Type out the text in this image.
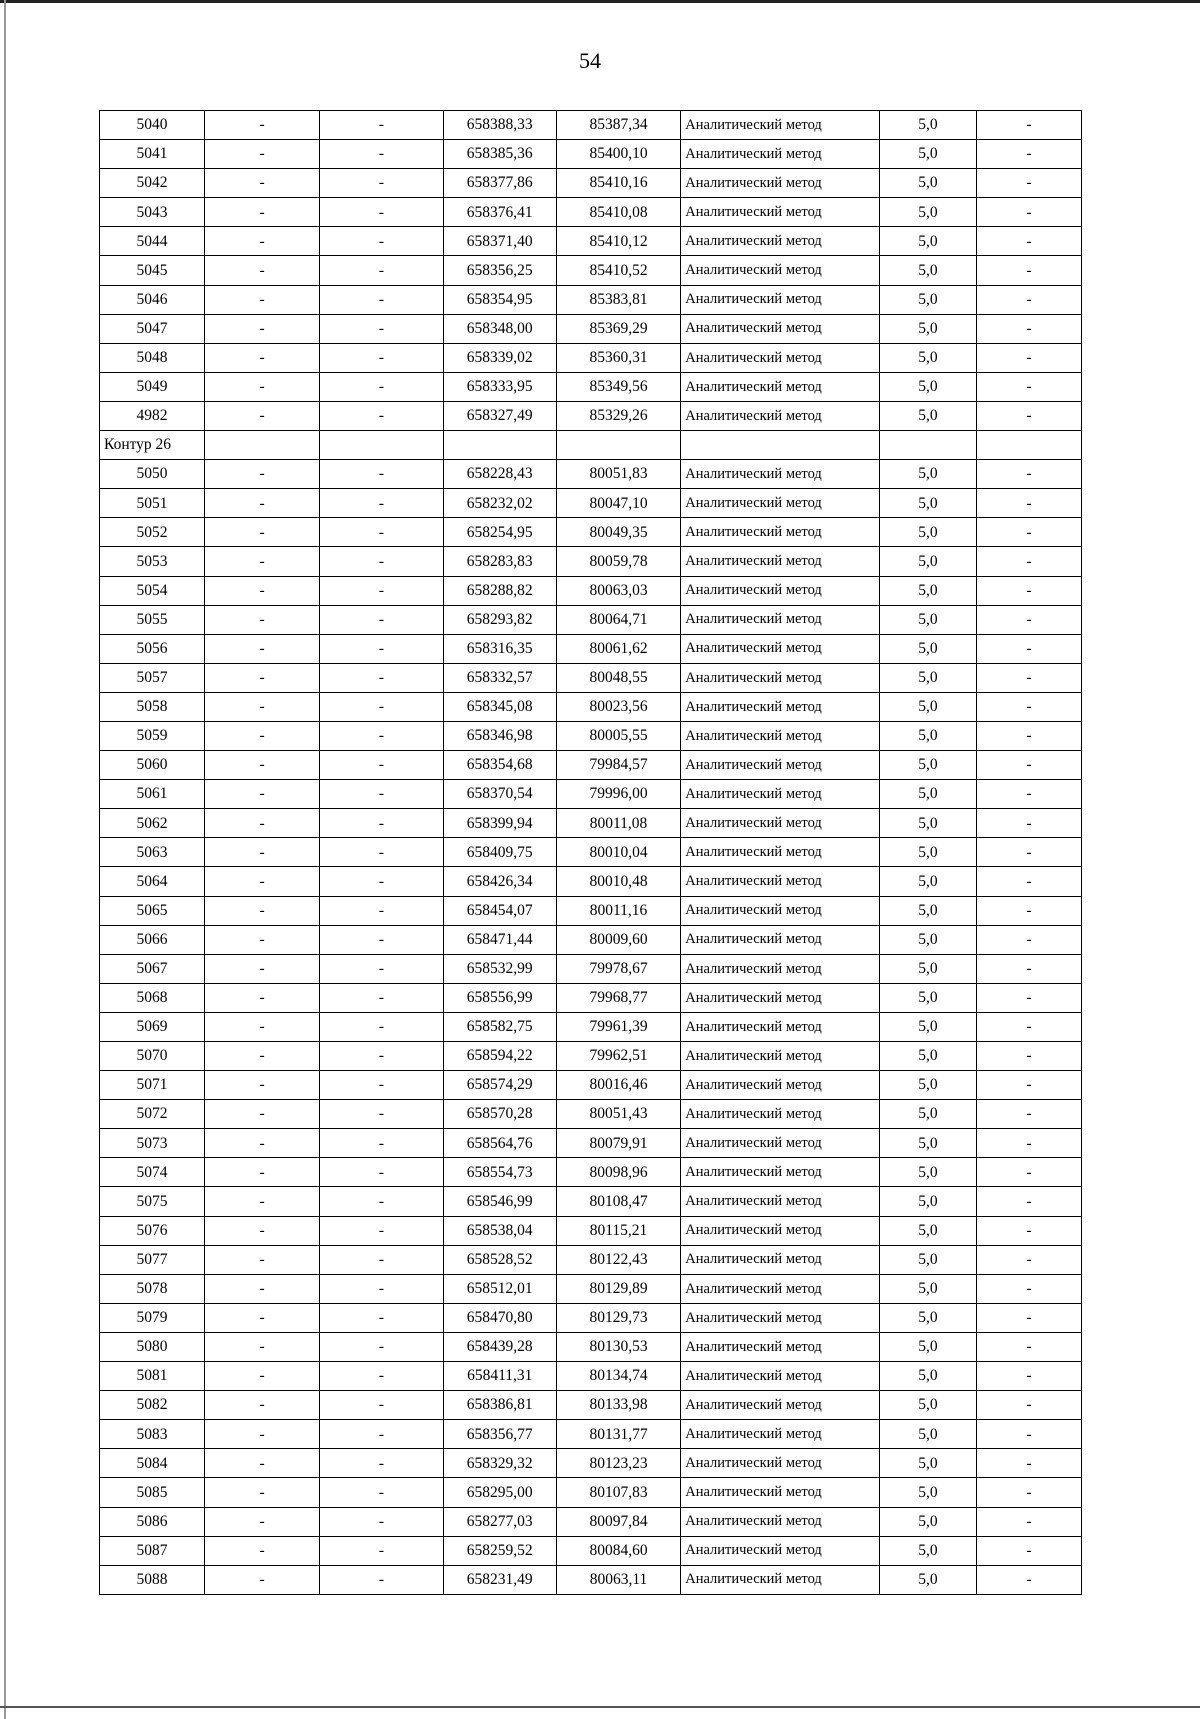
54
5040	-	-	658388,33	85387,34	Аналитический метод	5,0	-
5041	-	-	658385,36	85400,10	Аналитический метод	5,0	-
5042	-	-	658377,86	85410,16	Аналитический метод	5,0	-
5043	-	-	658376,41	85410,08	Аналитический метод	5,0	-
5044	-	-	658371,40	85410,12	Аналитический метод	5,0	-
5045	-	-	658356,25	85410,52	Аналитический метод	5,0	-
5046	-	-	658354,95	85383,81	Аналитический метод	5,0	-
5047	-	-	658348,00	85369,29	Аналитический метод	5,0	-
5048	-	-	658339,02	85360,31	Аналитический метод	5,0	-
5049	-	-	658333,95	85349,56	Аналитический метод	5,0	-
4982	-	-	658327,49	85329,26	Аналитический метод	5,0	-
Контур 26							
5050	-	-	658228,43	80051,83	Аналитический метод	5,0	-
5051	-	-	658232,02	80047,10	Аналитический метод	5,0	-
5052	-	-	658254,95	80049,35	Аналитический метод	5,0	-
5053	-	-	658283,83	80059,78	Аналитический метод	5,0	-
5054	-	-	658288,82	80063,03	Аналитический метод	5,0	-
5055	-	-	658293,82	80064,71	Аналитический метод	5,0	-
5056	-	-	658316,35	80061,62	Аналитический метод	5,0	-
5057	-	-	658332,57	80048,55	Аналитический метод	5,0	-
5058	-	-	658345,08	80023,56	Аналитический метод	5,0	-
5059	-	-	658346,98	80005,55	Аналитический метод	5,0	-
5060	-	-	658354,68	79984,57	Аналитический метод	5,0	-
5061	-	-	658370,54	79996,00	Аналитический метод	5,0	-
5062	-	-	658399,94	80011,08	Аналитический метод	5,0	-
5063	-	-	658409,75	80010,04	Аналитический метод	5,0	-
5064	-	-	658426,34	80010,48	Аналитический метод	5,0	-
5065	-	-	658454,07	80011,16	Аналитический метод	5,0	-
5066	-	-	658471,44	80009,60	Аналитический метод	5,0	-
5067	-	-	658532,99	79978,67	Аналитический метод	5,0	-
5068	-	-	658556,99	79968,77	Аналитический метод	5,0	-
5069	-	-	658582,75	79961,39	Аналитический метод	5,0	-
5070	-	-	658594,22	79962,51	Аналитический метод	5,0	-
5071	-	-	658574,29	80016,46	Аналитический метод	5,0	-
5072	-	-	658570,28	80051,43	Аналитический метод	5,0	-
5073	-	-	658564,76	80079,91	Аналитический метод	5,0	-
5074	-	-	658554,73	80098,96	Аналитический метод	5,0	-
5075	-	-	658546,99	80108,47	Аналитический метод	5,0	-
5076	-	-	658538,04	80115,21	Аналитический метод	5,0	-
5077	-	-	658528,52	80122,43	Аналитический метод	5,0	-
5078	-	-	658512,01	80129,89	Аналитический метод	5,0	-
5079	-	-	658470,80	80129,73	Аналитический метод	5,0	-
5080	-	-	658439,28	80130,53	Аналитический метод	5,0	-
5081	-	-	658411,31	80134,74	Аналитический метод	5,0	-
5082	-	-	658386,81	80133,98	Аналитический метод	5,0	-
5083	-	-	658356,77	80131,77	Аналитический метод	5,0	-
5084	-	-	658329,32	80123,23	Аналитический метод	5,0	-
5085	-	-	658295,00	80107,83	Аналитический метод	5,0	-
5086	-	-	658277,03	80097,84	Аналитический метод	5,0	-
5087	-	-	658259,52	80084,60	Аналитический метод	5,0	-
5088	-	-	658231,49	80063,11	Аналитический метод	5,0	-
